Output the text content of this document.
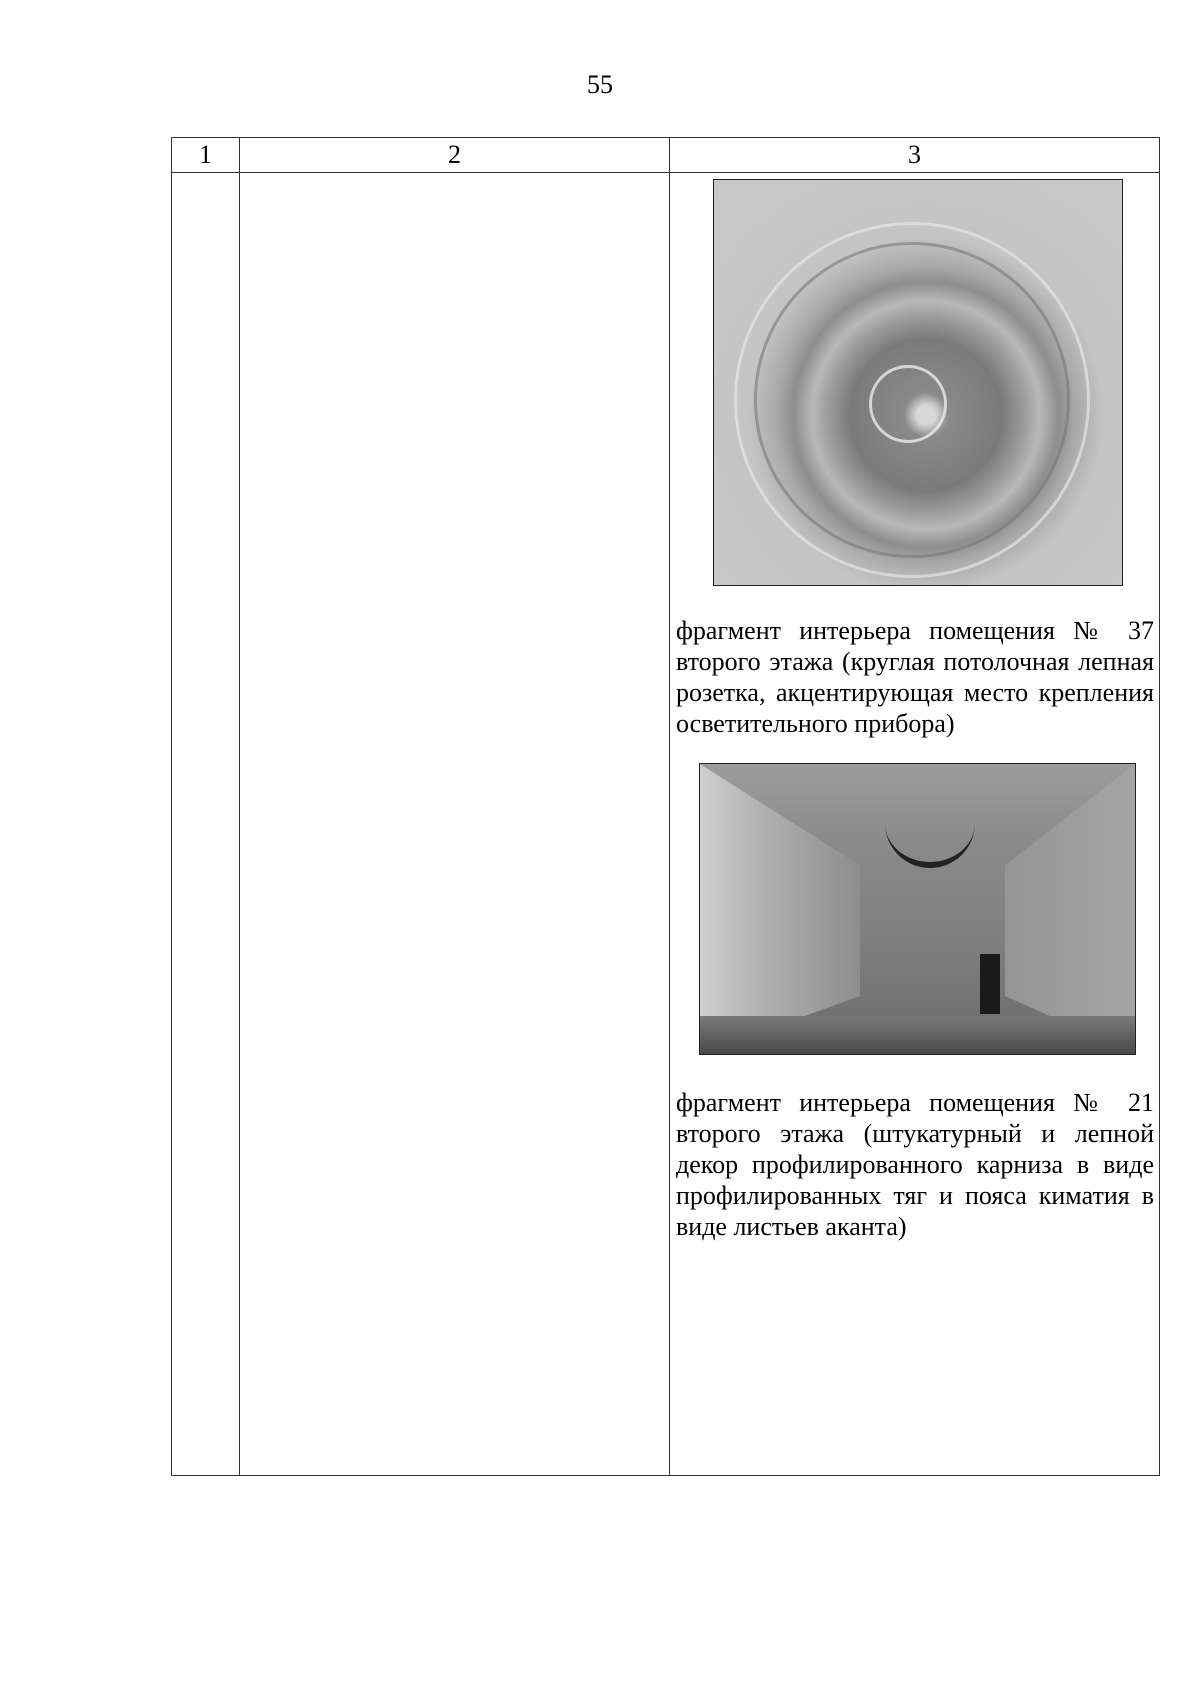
55
1	2	3

		фрагмент интерьера помещения № 37 второго этажа (круглая потолочная лепная розетка, акцентирующая место крепления осветительного прибора)

фрагмент интерьера помещения № 21 второго этажа (штукатурный и лепной декор профилированного карниза в виде профилированных тяг и пояса киматия в виде листьев аканта)
